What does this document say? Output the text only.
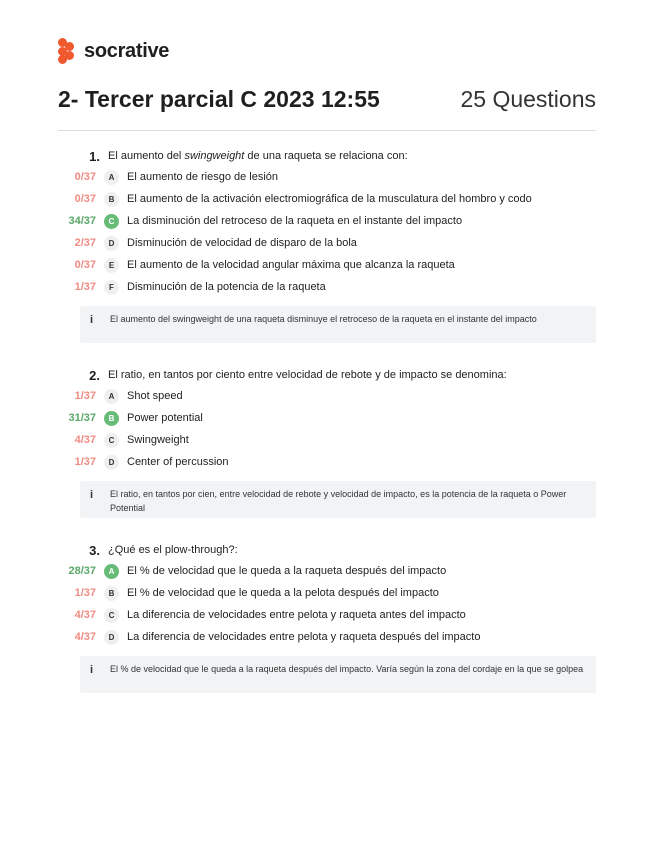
socrative
2- Tercer parcial C 2023 12:55	25 Questions
1. El aumento del swingweight de una raqueta se relaciona con:
0/37	A	El aumento de riesgo de lesión
0/37	B	El aumento de la activación electromiográfica de la musculatura del hombro y codo
34/37	C	La disminución del retroceso de la raqueta en el instante del impacto
2/37	D	Disminución de velocidad de disparo de la bola
0/37	E	El aumento de la velocidad angular máxima que alcanza la raqueta
1/37	F	Disminución de la potencia de la raqueta
i El aumento del swingweight de una raqueta disminuye el retroceso de la raqueta en el instante del impacto
2. El ratio, en tantos por ciento entre velocidad de rebote y de impacto se denomina:
1/37	A	Shot speed
31/37	B	Power potential
4/37	C	Swingweight
1/37	D	Center of percussion
i El ratio, en tantos por cien, entre velocidad de rebote y velocidad de impacto, es la potencia de la raqueta o Power Potential
3. ¿Qué es el plow-through?:
28/37	A	El % de velocidad que le queda a la raqueta después del impacto
1/37	B	El % de velocidad que le queda a la pelota después del impacto
4/37	C	La diferencia de velocidades entre pelota y raqueta antes del impacto
4/37	D	La diferencia de velocidades entre pelota y raqueta después del impacto
i El % de velocidad que le queda a la raqueta después del impacto. Varía según la zona del cordaje en la que se golpea
